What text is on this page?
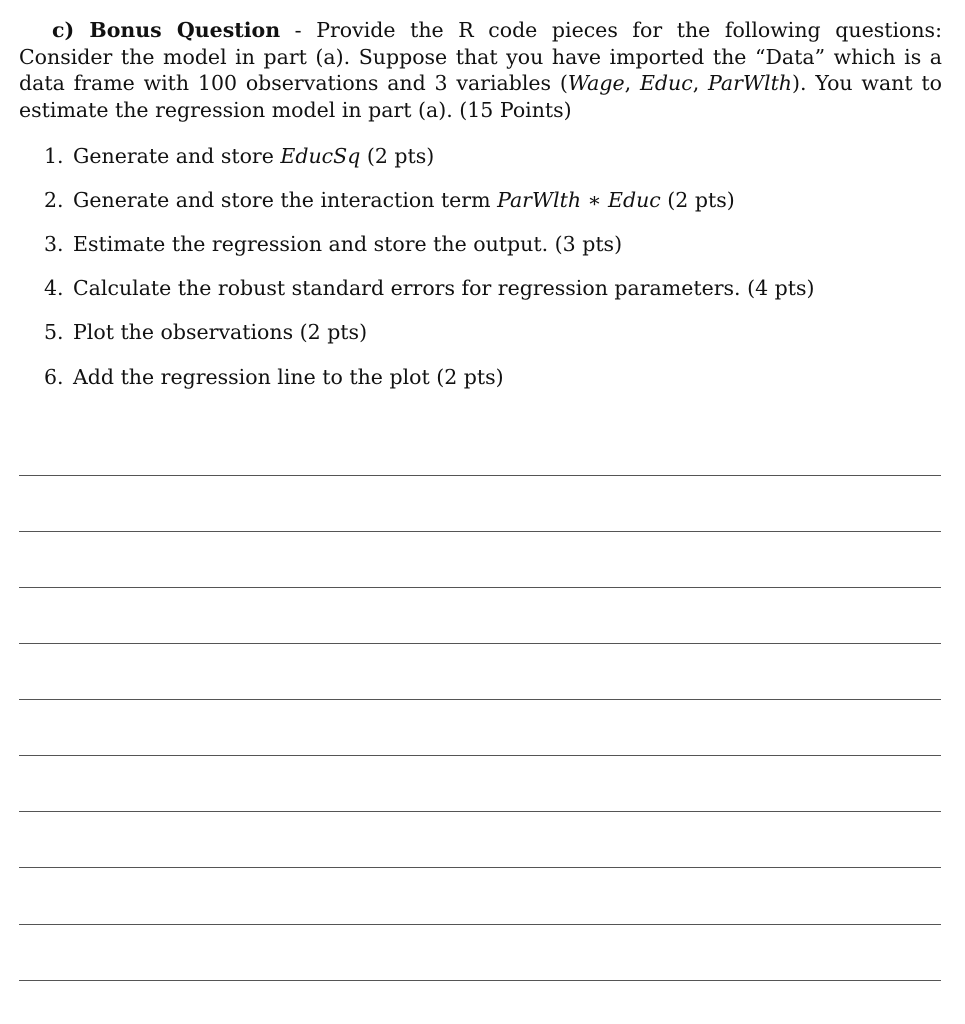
c) Bonus Question - Provide the R code pieces for the following questions: Consider the model in part (a). Suppose that you have imported the “Data” which is a data frame with 100 observations and 3 variables (Wage, Educ, ParWlth). You want to estimate the regression model in part (a). (15 Points)

1. Generate and store EducSq (2 pts)
2. Generate and store the interaction term ParWlth ∗ Educ (2 pts)
3. Estimate the regression and store the output. (3 pts)
4. Calculate the robust standard errors for regression parameters. (4 pts)
5. Plot the observations (2 pts)
6. Add the regression line to the plot (2 pts)
